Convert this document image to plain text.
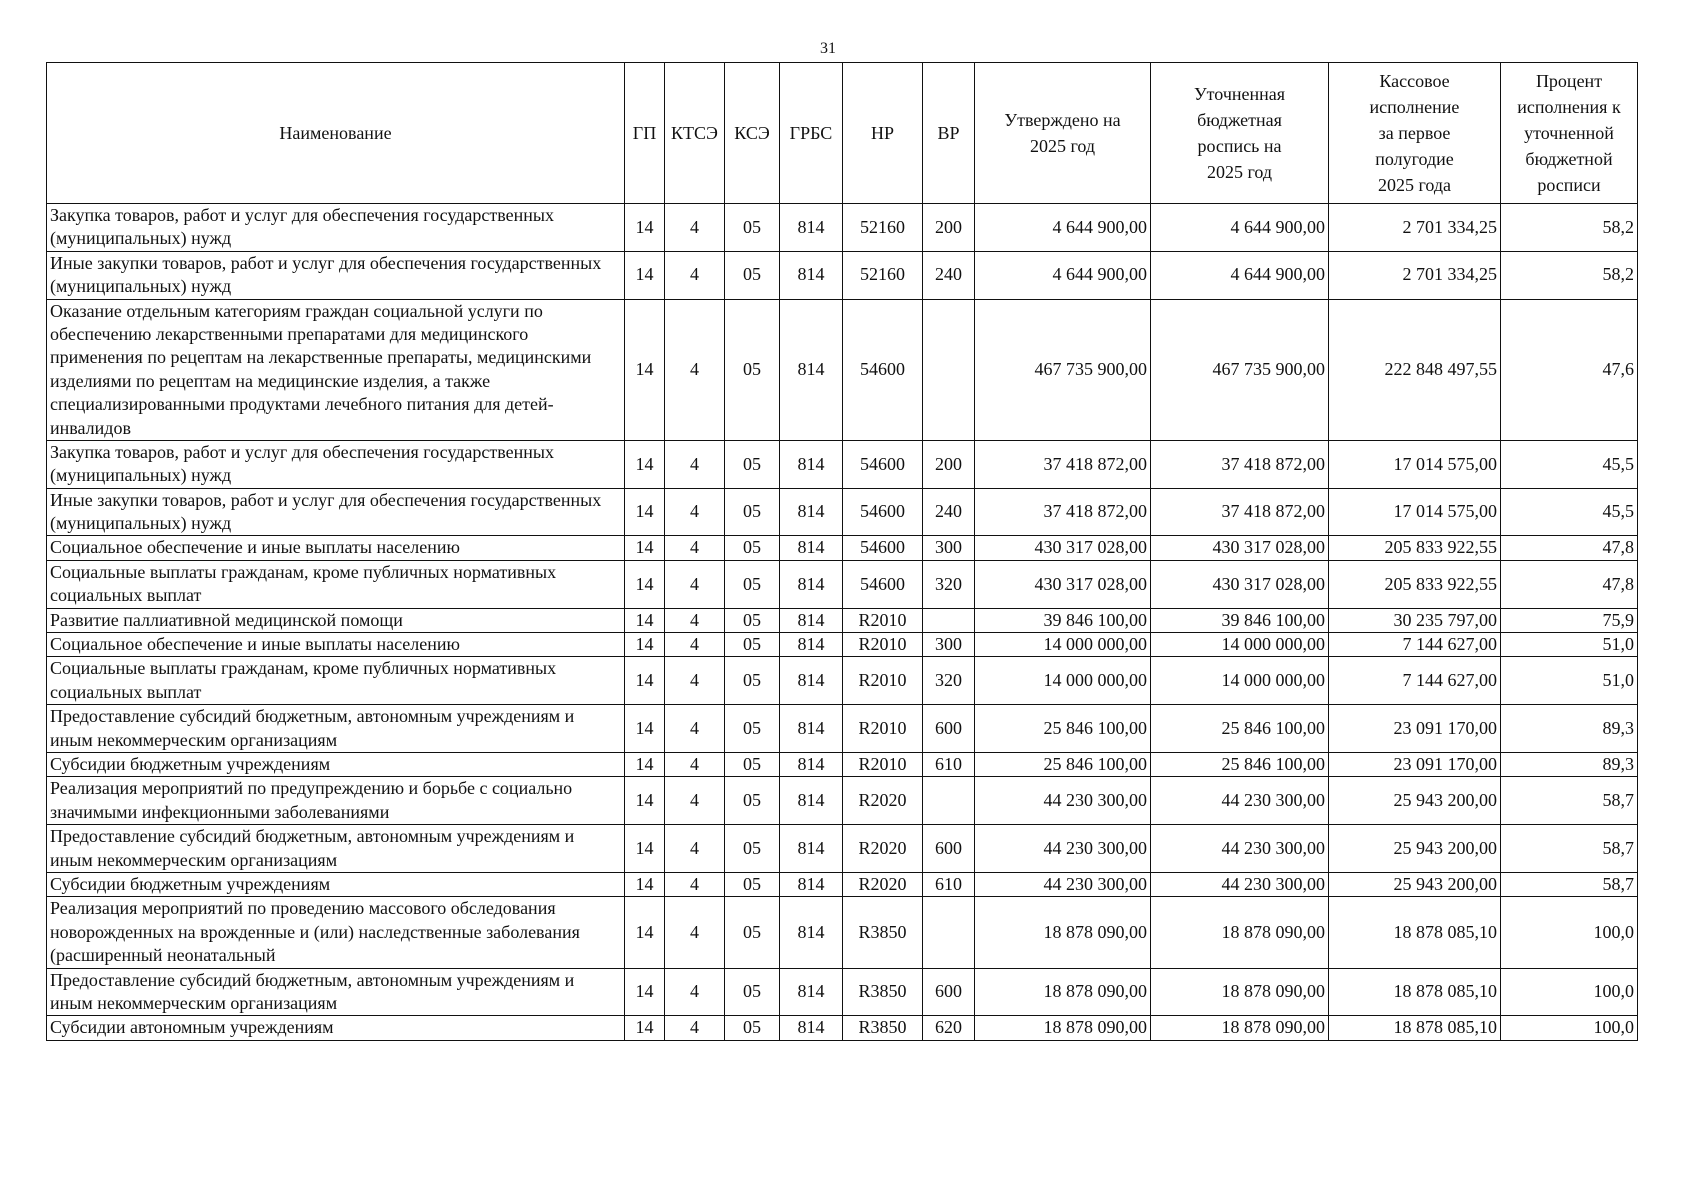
31
Наименование	ГП	КТСЭ	КСЭ	ГРБС	НР	ВР	Утверждено на 2025 год	Уточненная бюджетная роспись на 2025 год	Кассовое исполнение за первое полугодие 2025 года	Процент исполнения к уточненной бюджетной росписи
Закупка товаров, работ и услуг для обеспечения государственных (муниципальных) нужд	14	4	05	814	52160	200	4 644 900,00	4 644 900,00	2 701 334,25	58,2
Иные закупки товаров, работ и услуг для обеспечения государственных (муниципальных) нужд	14	4	05	814	52160	240	4 644 900,00	4 644 900,00	2 701 334,25	58,2
Оказание отдельным категориям граждан социальной услуги по обеспечению лекарственными препаратами для медицинского применения по рецептам на лекарственные препараты, медицинскими изделиями по рецептам на медицинские изделия, а также специализированными продуктами лечебного питания для детей-инвалидов	14	4	05	814	54600		467 735 900,00	467 735 900,00	222 848 497,55	47,6
Закупка товаров, работ и услуг для обеспечения государственных (муниципальных) нужд	14	4	05	814	54600	200	37 418 872,00	37 418 872,00	17 014 575,00	45,5
Иные закупки товаров, работ и услуг для обеспечения государственных (муниципальных) нужд	14	4	05	814	54600	240	37 418 872,00	37 418 872,00	17 014 575,00	45,5
Социальное обеспечение и иные выплаты населению	14	4	05	814	54600	300	430 317 028,00	430 317 028,00	205 833 922,55	47,8
Социальные выплаты гражданам, кроме публичных нормативных социальных выплат	14	4	05	814	54600	320	430 317 028,00	430 317 028,00	205 833 922,55	47,8
Развитие паллиативной медицинской помощи	14	4	05	814	R2010		39 846 100,00	39 846 100,00	30 235 797,00	75,9
Социальное обеспечение и иные выплаты населению	14	4	05	814	R2010	300	14 000 000,00	14 000 000,00	7 144 627,00	51,0
Социальные выплаты гражданам, кроме публичных нормативных социальных выплат	14	4	05	814	R2010	320	14 000 000,00	14 000 000,00	7 144 627,00	51,0
Предоставление субсидий бюджетным, автономным учреждениям и иным некоммерческим организациям	14	4	05	814	R2010	600	25 846 100,00	25 846 100,00	23 091 170,00	89,3
Субсидии бюджетным учреждениям	14	4	05	814	R2010	610	25 846 100,00	25 846 100,00	23 091 170,00	89,3
Реализация мероприятий по предупреждению и борьбе с социально значимыми инфекционными заболеваниями	14	4	05	814	R2020		44 230 300,00	44 230 300,00	25 943 200,00	58,7
Предоставление субсидий бюджетным, автономным учреждениям и иным некоммерческим организациям	14	4	05	814	R2020	600	44 230 300,00	44 230 300,00	25 943 200,00	58,7
Субсидии бюджетным учреждениям	14	4	05	814	R2020	610	44 230 300,00	44 230 300,00	25 943 200,00	58,7
Реализация мероприятий по проведению массового обследования новорожденных на врожденные и (или) наследственные заболевания (расширенный неонатальный	14	4	05	814	R3850		18 878 090,00	18 878 090,00	18 878 085,10	100,0
Предоставление субсидий бюджетным, автономным учреждениям и иным некоммерческим организациям	14	4	05	814	R3850	600	18 878 090,00	18 878 090,00	18 878 085,10	100,0
Субсидии автономным учреждениям	14	4	05	814	R3850	620	18 878 090,00	18 878 090,00	18 878 085,10	100,0
